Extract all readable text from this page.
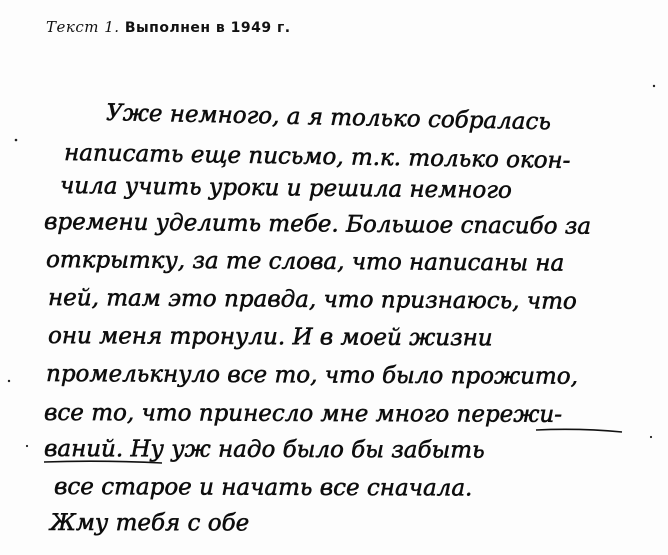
Текст 1. Выполнен в 1949 г.
Уже немного, а я только собралась
написать еще письмо, т.к. только окон-
чила учить уроки и решила немного
времени уделить тебе. Большое спасибо за
открытку, за те слова, что написаны на
ней, там это правда, что признаюсь, что
они меня тронули. И в моей жизни
промелькнуло все то, что было прожито,
все то, что принесло мне много пережи-
ваний. Ну уж надо было бы забыть
все старое и начать все сначала.
Жму тебя с обе
